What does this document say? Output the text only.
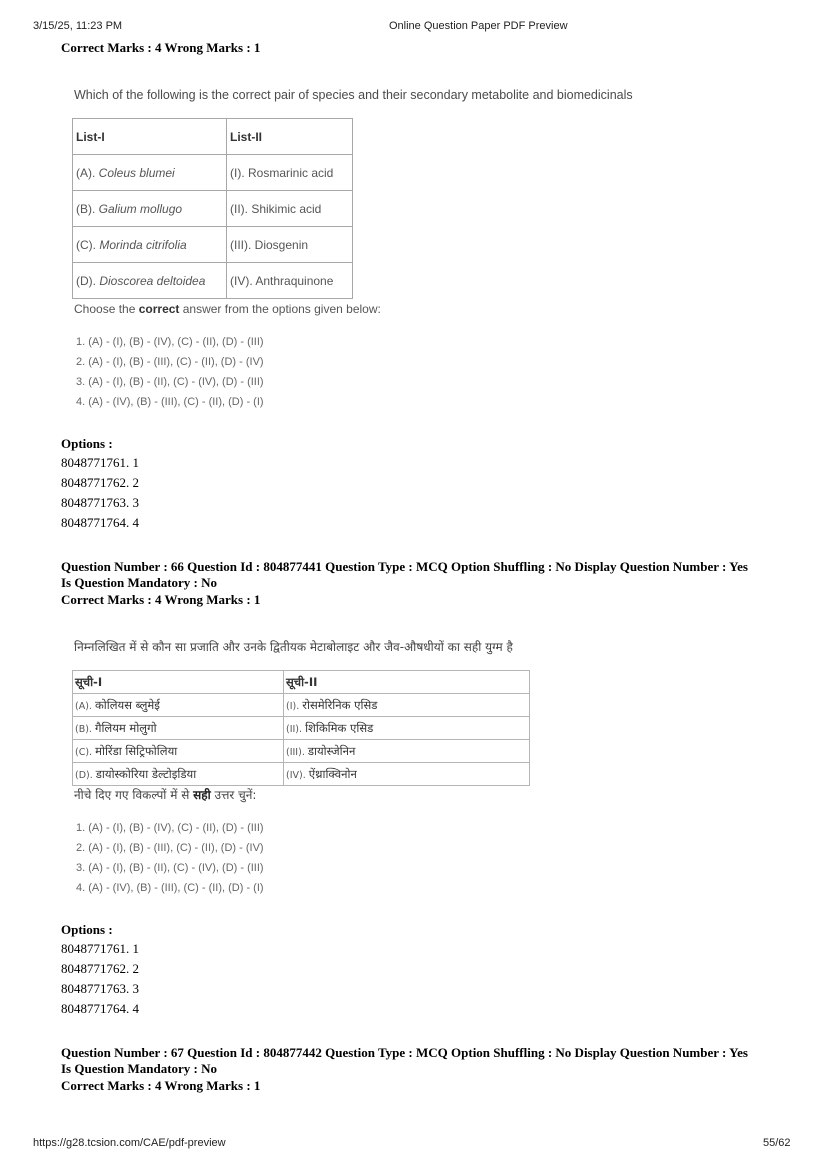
3/15/25, 11:23 PM	Online Question Paper PDF Preview
Correct Marks : 4 Wrong Marks : 1
Which of the following is the correct pair of species and their secondary metabolite and biomedicinals
List-I	List-II
(A). Coleus blumei	(I). Rosmarinic acid
(B). Galium mollugo	(II). Shikimic acid
(C). Morinda citrifolia	(III). Diosgenin
(D). Dioscorea deltoidea	(IV). Anthraquinone
Choose the correct answer from the options given below:
1. (A) - (I), (B) - (IV), (C) - (II), (D) - (III)
2. (A) - (I), (B) - (III), (C) - (II), (D) - (IV)
3. (A) - (I), (B) - (II), (C) - (IV), (D) - (III)
4. (A) - (IV), (B) - (III), (C) - (II), (D) - (I)
Options :
8048771761. 1
8048771762. 2
8048771763. 3
8048771764. 4
Question Number : 66 Question Id : 804877441 Question Type : MCQ Option Shuffling : No Display Question Number : Yes
Is Question Mandatory : No
Correct Marks : 4 Wrong Marks : 1
निम्नलिखित में से कौन सा प्रजाति और उनके द्वितीयक मेटाबोलाइट और जैव-औषधीयों का सही युग्म है
सूची-I	सूची-II
(A). कोलियस ब्लुमेई	(I). रोसमेरिनिक एसिड
(B). गैलियम मोलुगो	(II). शिकिमिक एसिड
(C). मोरिंडा सिट्रिफोलिया	(III). डायोस्जेनिन
(D). डायोस्कोरिया डेल्टोइडिया	(IV). ऐंथ्राक्विनोन
नीचे दिए गए विकल्पों में से सही उत्तर चुनें:
1. (A) - (I), (B) - (IV), (C) - (II), (D) - (III)
2. (A) - (I), (B) - (III), (C) - (II), (D) - (IV)
3. (A) - (I), (B) - (II), (C) - (IV), (D) - (III)
4. (A) - (IV), (B) - (III), (C) - (II), (D) - (I)
Options :
8048771761. 1
8048771762. 2
8048771763. 3
8048771764. 4
Question Number : 67 Question Id : 804877442 Question Type : MCQ Option Shuffling : No Display Question Number : Yes
Is Question Mandatory : No
Correct Marks : 4 Wrong Marks : 1
https://g28.tcsion.com/CAE/pdf-preview	55/62
